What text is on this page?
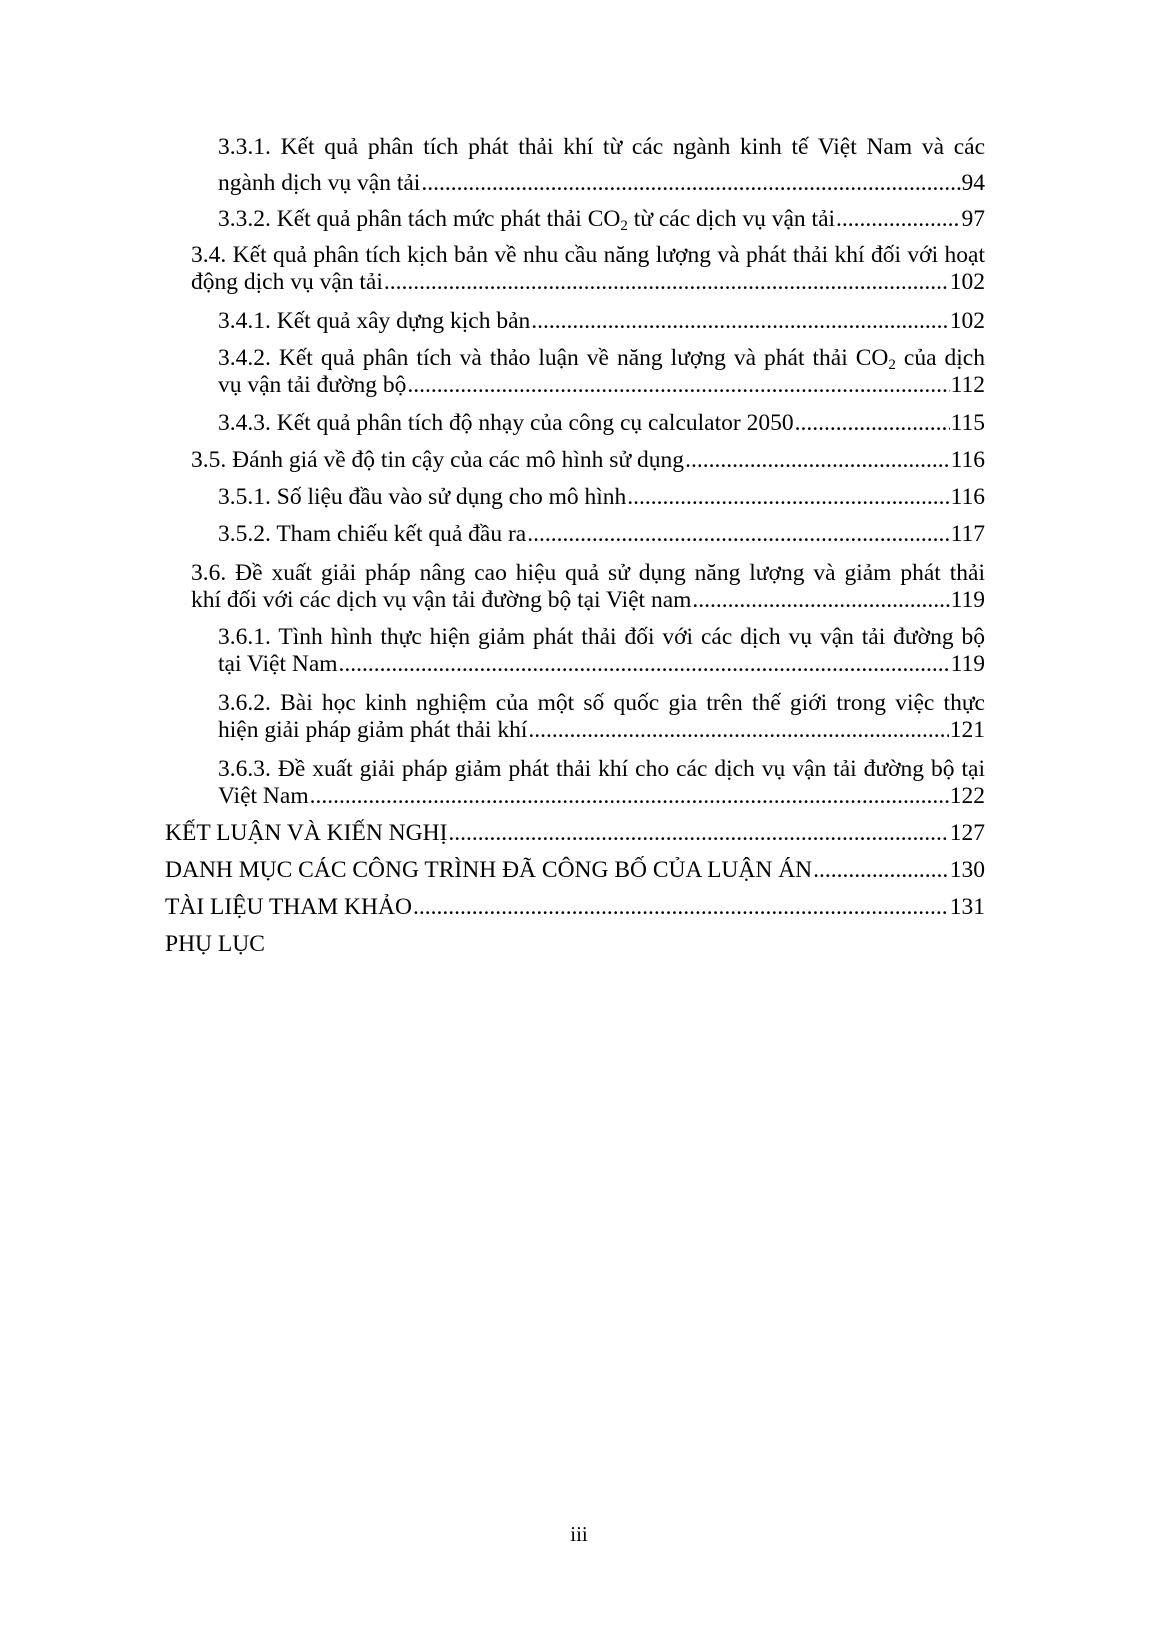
3.3.1. Kết quả phân tích phát thải khí từ các ngành kinh tế Việt Nam và các
ngành dịch vụ vận tải .....	94
3.3.2. Kết quả phân tách mức phát thải $CO_2$ từ các dịch vụ vận tải .....	97
3.4. Kết quả phân tích kịch bản về nhu cầu năng lượng và phát thải khí đối với hoạt
động dịch vụ vận tải .....	102
3.4.1. Kết quả xây dựng kịch bản .....	102
3.4.2. Kết quả phân tích và thảo luận về năng lượng và phát thải $CO_2$ của dịch
vụ vận tải đường bộ .....	112
3.4.3. Kết quả phân tích độ nhạy của công cụ calculator 2050 .....	115
3.5. Đánh giá về độ tin cậy của các mô hình sử dụng .....	116
3.5.1. Số liệu đầu vào sử dụng cho mô hình .....	116
3.5.2. Tham chiếu kết quả đầu ra .....	117
3.6. Đề xuất giải pháp nâng cao hiệu quả sử dụng năng lượng và giảm phát thải
khí đối với các dịch vụ vận tải đường bộ tại Việt nam .....	119
3.6.1. Tình hình thực hiện giảm phát thải đối với các dịch vụ vận tải đường bộ
tại Việt Nam .....	119
3.6.2. Bài học kinh nghiệm của một số quốc gia trên thế giới trong việc thực
hiện giải pháp giảm phát thải khí .....	121
3.6.3. Đề xuất giải pháp giảm phát thải khí cho các dịch vụ vận tải đường bộ tại
Việt Nam .....	122
KẾT LUẬN VÀ KIẾN NGHỊ .....	127
DANH MỤC CÁC CÔNG TRÌNH ĐÃ CÔNG BỐ CỦA LUẬN ÁN .....	130
TÀI LIỆU THAM KHẢO .....	131
PHỤ LỤC
iii
